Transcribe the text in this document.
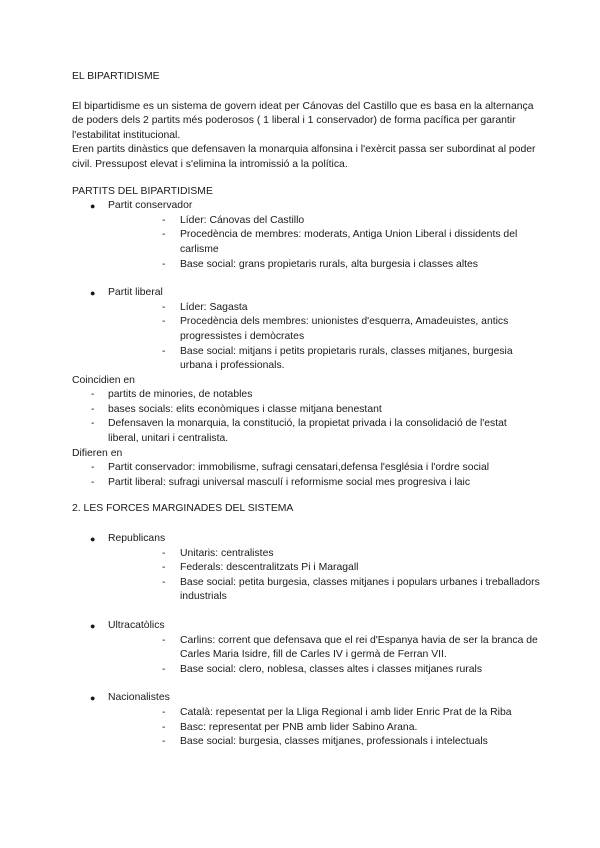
EL BIPARTIDISME

El bipartidisme es un sistema de govern ideat per Cánovas del Castillo que es basa en la alternança de poders dels 2 partits més poderosos ( 1 liberal i 1 conservador) de forma pacífica per garantir l'estabilitat institucional.

Eren partits dinàstics que defensaven la monarquia alfonsina i l'exèrcit passa ser subordinat al poder civil. Pressupost elevat i s'elimina la intromissió a la política.

PARTITS DEL BIPARTIDISME

● Partit conservador
- Líder: Cánovas del Castillo
- Procedència de membres: moderats, Antiga Union Liberal i dissidents del carlisme
- Base social: grans propietaris rurals, alta burgesia i classes altes
● Partit liberal
- Líder: Sagasta
- Procedència dels membres: unionistes d'esquerra, Amadeuistes, antics progressistes i demòcrates
- Base social: mitjans i petits propietaris rurals, classes mitjanes, burgesia urbana i professionals.

Coincidien en

- partits de minories, de notables
- bases socials: elits econòmiques i classe mitjana benestant
- Defensaven la monarquia, la constitució, la propietat privada i la consolidació de l'estat liberal, unitari i centralista.

Difieren en

- Partit conservador: immobilisme, sufragi censatari,defensa l'església i l'ordre social
- Partit liberal: sufragi universal masculí i reformisme social mes progresiva i laic

2. LES FORCES MARGINADES DEL SISTEMA

● Republicans
- Unitaris: centralistes
- Federals: descentralitzats Pi i Maragall
- Base social: petita burgesia, classes mitjanes i populars urbanes i treballadors industrials
● Ultracatòlics
- Carlins: corrent que defensava que el rei d'Espanya havia de ser la branca de Carles Maria Isidre, fill de Carles IV i germà de Ferran VII.
- Base social: clero, noblesa, classes altes i classes mitjanes rurals
● Nacionalistes
- Català: repesentat per la Lliga Regional i amb lider Enric Prat de la Riba
- Basc: representat per PNB amb lider Sabino Arana.
- Base social: burgesia, classes mitjanes, professionals i intelectuals
